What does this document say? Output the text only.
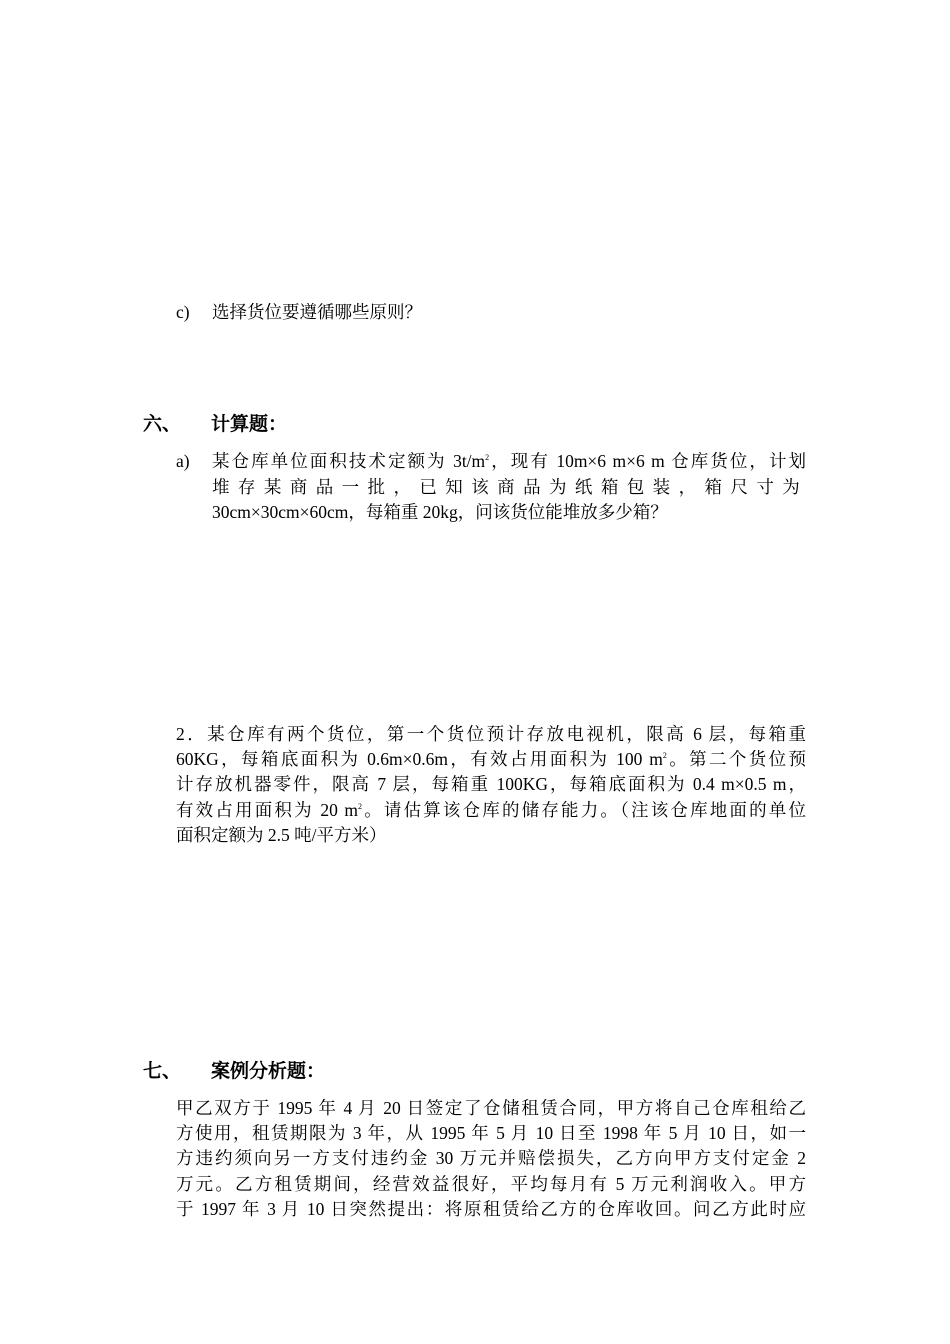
c) 选择货位要遵循哪些原则？
六、 计算题：
a) 某仓库单位面积技术定额为 $3t/m^2$，现有 10m×6 m×6 m 仓库货位，计划
堆存某商品一批，已知该商品为纸箱包装，箱尺寸为
30cm×30cm×60cm，每箱重 20kg，问该货位能堆放多少箱？
2．某仓库有两个货位，第一个货位预计存放电视机，限高 6 层，每箱重
60KG，每箱底面积为 0.6m×0.6m，有效占用面积为 100 $m^2$。第二个货位预
计存放机器零件，限高 7 层，每箱重 100KG，每箱底面积为 0.4 m×0.5 m，
有效占用面积为 20 $m^2$。请估算该仓库的储存能力。（注该仓库地面的单位
面积定额为 2.5 吨/平方米）
七、 案例分析题：
甲乙双方于 1995 年 4 月 20 日签定了仓储租赁合同，甲方将自己仓库租给乙
方使用，租赁期限为 3 年，从 1995 年 5 月 10 日至 1998 年 5 月 10 日，如一
方违约须向另一方支付违约金 30 万元并赔偿损失，乙方向甲方支付定金 2
万元。乙方租赁期间，经营效益很好，平均每月有 5 万元利润收入。甲方
于 1997 年 3 月 10 日突然提出：将原租赁给乙方的仓库收回。问乙方此时应
